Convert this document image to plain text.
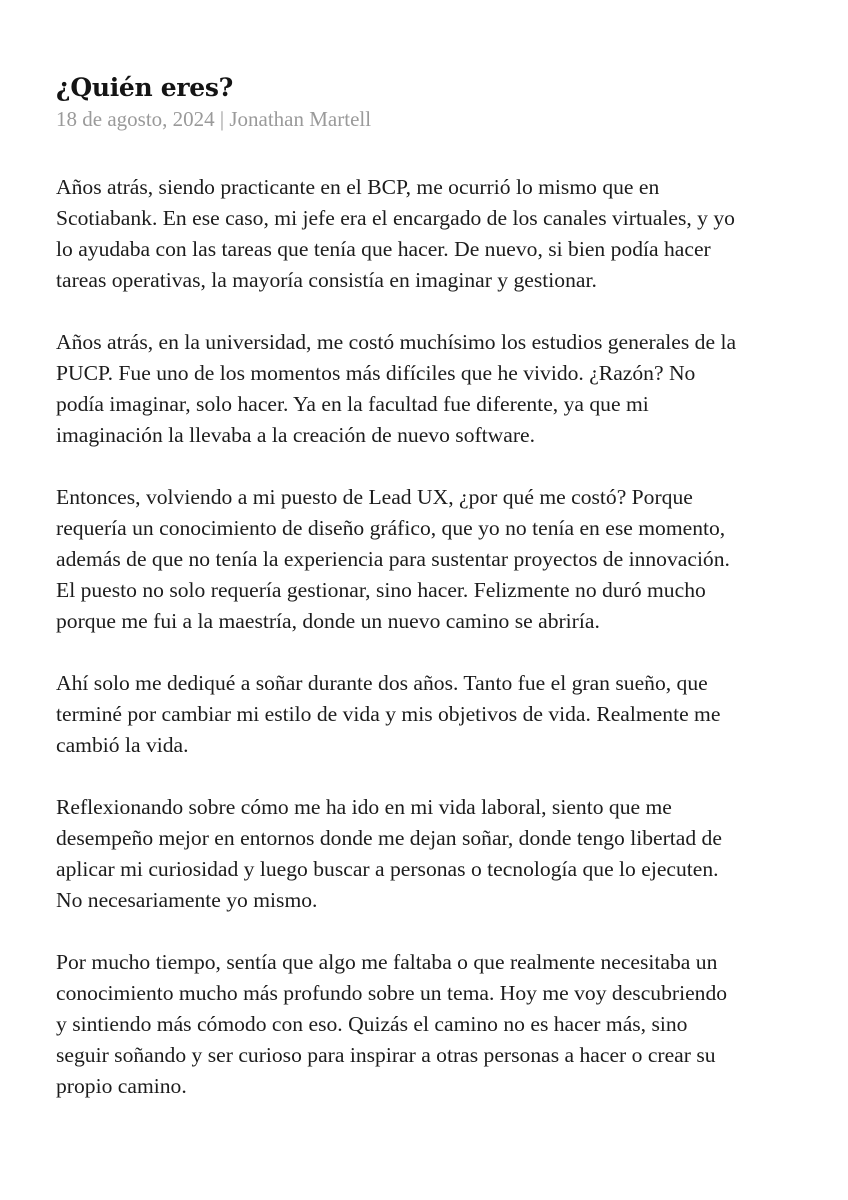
¿Quién eres?

18 de agosto, 2024 | Jonathan Martell

Años atrás, siendo practicante en el BCP, me ocurrió lo mismo que en
Scotiabank. En ese caso, mi jefe era el encargado de los canales virtuales, y yo
lo ayudaba con las tareas que tenía que hacer. De nuevo, si bien podía hacer
tareas operativas, la mayoría consistía en imaginar y gestionar.

Años atrás, en la universidad, me costó muchísimo los estudios generales de la
PUCP. Fue uno de los momentos más difíciles que he vivido. ¿Razón? No
podía imaginar, solo hacer. Ya en la facultad fue diferente, ya que mi
imaginación la llevaba a la creación de nuevo software.

Entonces, volviendo a mi puesto de Lead UX, ¿por qué me costó? Porque
requería un conocimiento de diseño gráfico, que yo no tenía en ese momento,
además de que no tenía la experiencia para sustentar proyectos de innovación.
El puesto no solo requería gestionar, sino hacer. Felizmente no duró mucho
porque me fui a la maestría, donde un nuevo camino se abriría.

Ahí solo me dediqué a soñar durante dos años. Tanto fue el gran sueño, que
terminé por cambiar mi estilo de vida y mis objetivos de vida. Realmente me
cambió la vida.

Reflexionando sobre cómo me ha ido en mi vida laboral, siento que me
desempeño mejor en entornos donde me dejan soñar, donde tengo libertad de
aplicar mi curiosidad y luego buscar a personas o tecnología que lo ejecuten.
No necesariamente yo mismo.

Por mucho tiempo, sentía que algo me faltaba o que realmente necesitaba un
conocimiento mucho más profundo sobre un tema. Hoy me voy descubriendo
y sintiendo más cómodo con eso. Quizás el camino no es hacer más, sino
seguir soñando y ser curioso para inspirar a otras personas a hacer o crear su
propio camino.
